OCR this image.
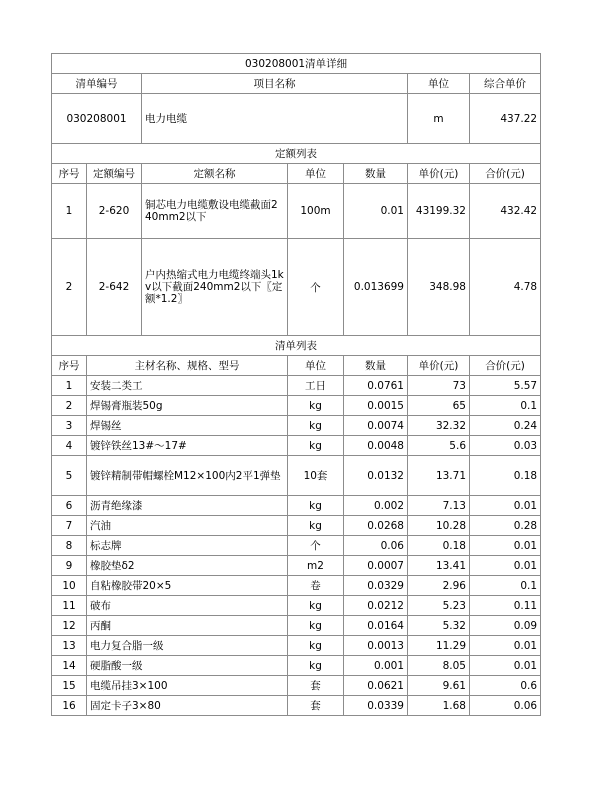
030208001清单详细						
清单编号		项目名称			单位	综合单价
030208001		电力电缆			m	437.22
定额列表						
序号	定额编号	定额名称	单位	数量	单价(元)	合价(元)
1	2-620	铜芯电力电缆敷设电缆截面240mm2以下	100m	0.01	43199.32	432.42
2	2-642	户内热缩式电力电缆终端头1kv以下截面240mm2以下〖定额*1.2〗	个	0.013699	348.98	4.78
清单列表						
序号	主材名称、规格、型号		单位	数量	单价(元)	合价(元)
1	安装二类工		工日	0.0761	73	5.57
2	焊锡膏瓶装50g		kg	0.0015	65	0.1
3	焊锡丝		kg	0.0074	32.32	0.24
4	镀锌铁丝13#～17#		kg	0.0048	5.6	0.03
5	镀锌精制带帽螺栓M12×100内2平1弹垫		10套	0.0132	13.71	0.18
6	沥青绝缘漆		kg	0.002	7.13	0.01
7	汽油		kg	0.0268	10.28	0.28
8	标志牌		个	0.06	0.18	0.01
9	橡胶垫δ2		m2	0.0007	13.41	0.01
10	自粘橡胶带20×5		卷	0.0329	2.96	0.1
11	破布		kg	0.0212	5.23	0.11
12	丙酮		kg	0.0164	5.32	0.09
13	电力复合脂一级		kg	0.0013	11.29	0.01
14	硬脂酸一级		kg	0.001	8.05	0.01
15	电缆吊挂3×100		套	0.0621	9.61	0.6
16	固定卡子3×80		套	0.0339	1.68	0.06
